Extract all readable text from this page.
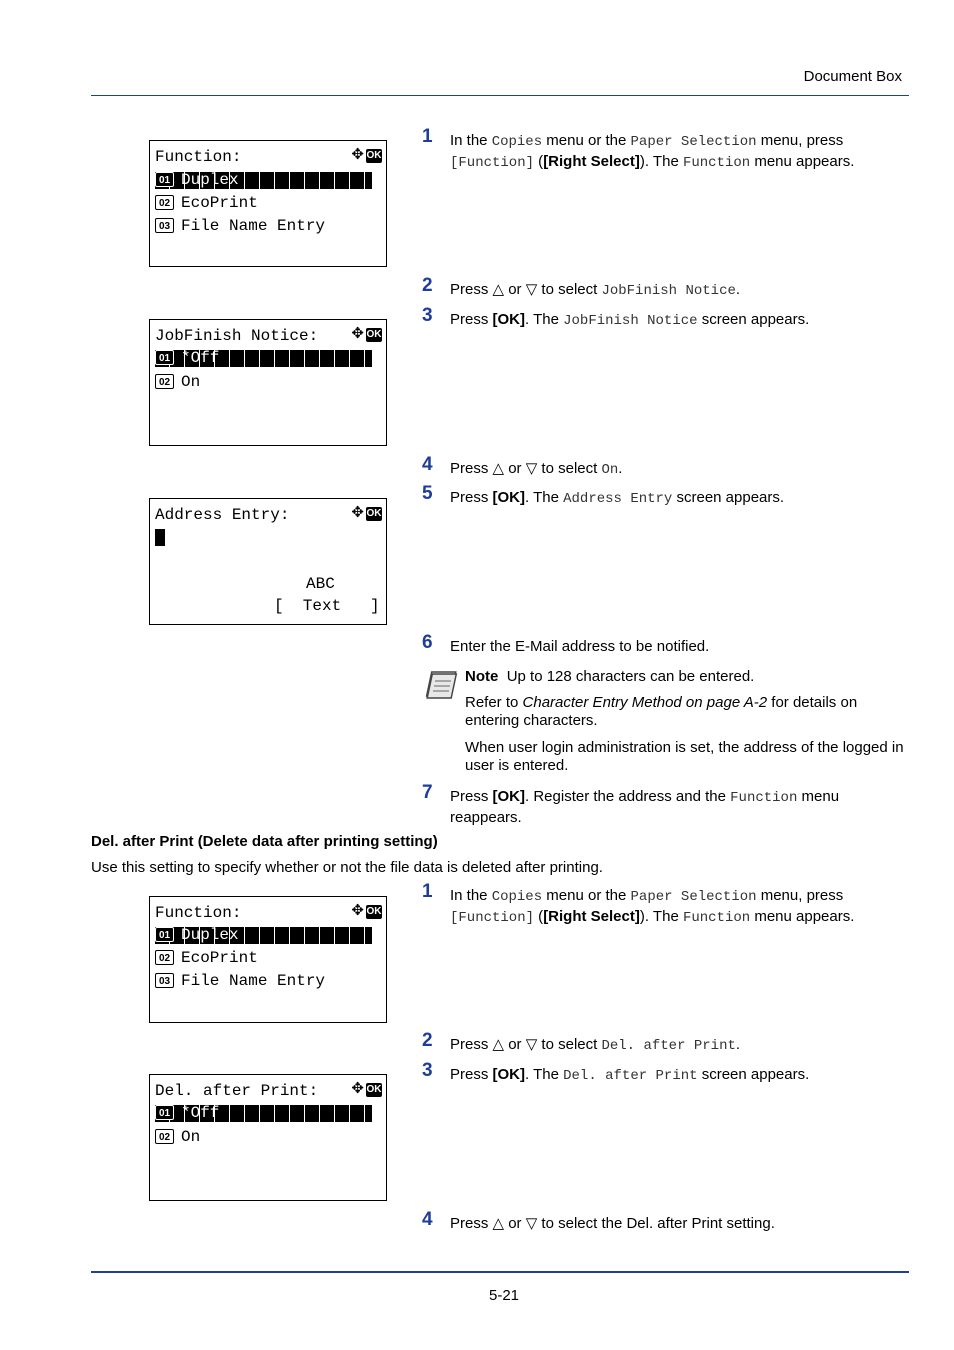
Document Box
Function:	✥ OK
01 Duplex
02 EcoPrint
03 File Name Entry
JobFinish Notice: ✥ OK
01 *Off
02 On
Address Entry:	✥ OK
ABC
[  Text   ]
1 In the Copies menu or the Paper Selection menu, press
[Function] ([Right Select]). The Function menu appears.
2 Press △ or ▽ to select JobFinish Notice.
3 Press [OK]. The JobFinish Notice screen appears.
4 Press △ or ▽ to select On.
5 Press [OK]. The Address Entry screen appears.
6 Enter the E-Mail address to be notified.
Note Up to 128 characters can be entered.
Refer to Character Entry Method on page A-2 for details on entering characters.
When user login administration is set, the address of the logged in user is entered.
7 Press [OK]. Register the address and the Function menu reappears.
Del. after Print (Delete data after printing setting)
Use this setting to specify whether or not the file data is deleted after printing.
Function:	✥ OK
01 Duplex
02 EcoPrint
03 File Name Entry
Del. after Print: ✥ OK
01 *Off
02 On
1 In the Copies menu or the Paper Selection menu, press
[Function] ([Right Select]). The Function menu appears.
2 Press △ or ▽ to select Del. after Print.
3 Press [OK]. The Del. after Print screen appears.
4 Press △ or ▽ to select the Del. after Print setting.
5-21
